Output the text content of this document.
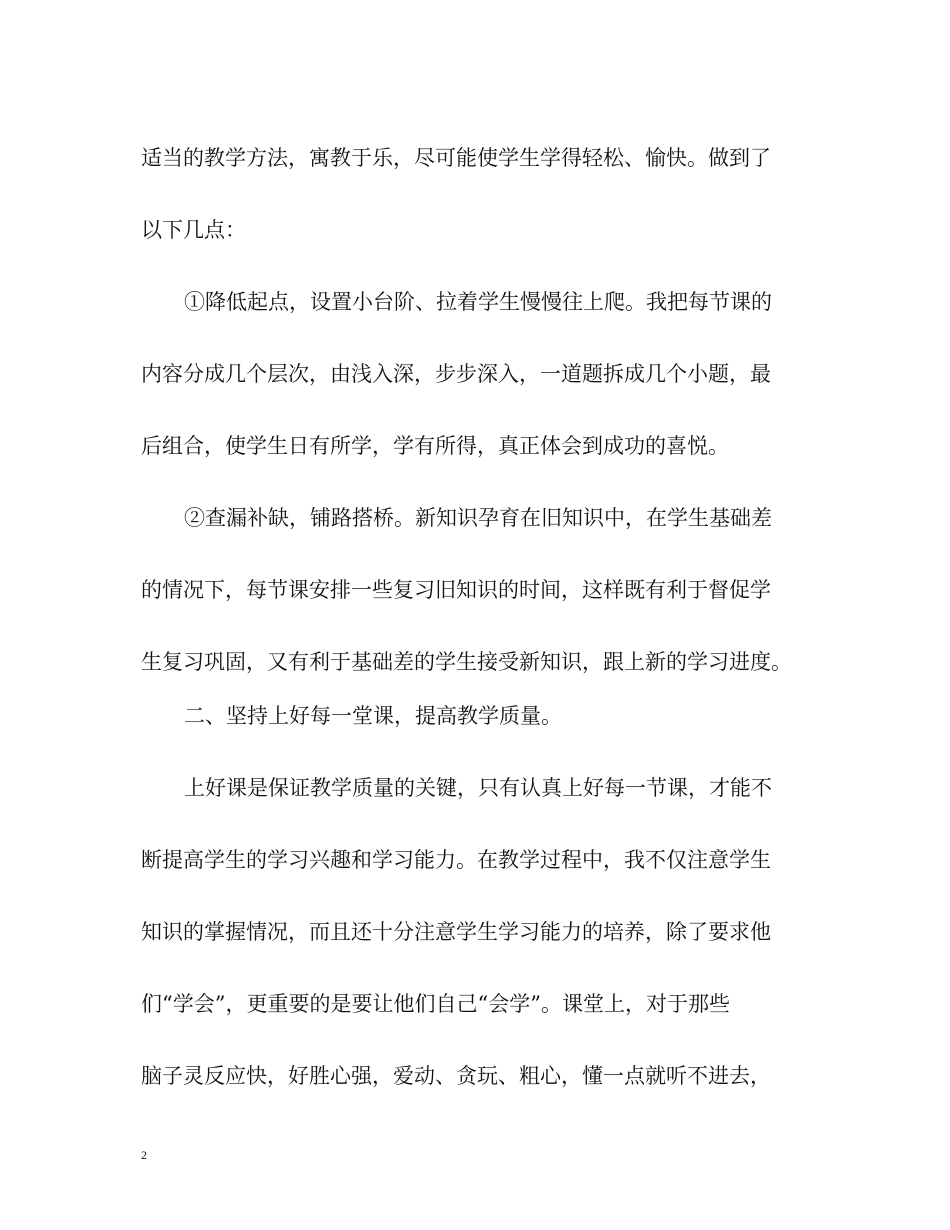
适当的教学方法，寓教于乐，尽可能使学生学得轻松、愉快。做到了
以下几点：
①降低起点，设置小台阶、拉着学生慢慢往上爬。我把每节课的
内容分成几个层次，由浅入深，步步深入，一道题拆成几个小题，最
后组合，使学生日有所学，学有所得，真正体会到成功的喜悦。
②查漏补缺，铺路搭桥。新知识孕育在旧知识中，在学生基础差
的情况下，每节课安排一些复习旧知识的时间，这样既有利于督促学
生复习巩固，又有利于基础差的学生接受新知识，跟上新的学习进度。
二、坚持上好每一堂课，提高教学质量。
上好课是保证教学质量的关键，只有认真上好每一节课，才能不
断提高学生的学习兴趣和学习能力。在教学过程中，我不仅注意学生
知识的掌握情况，而且还十分注意学生学习能力的培养，除了要求他
们“学会”，更重要的是要让他们自己“会学”。课堂上，对于那些
脑子灵反应快，好胜心强，爱动、贪玩、粗心，懂一点就听不进去，
2
